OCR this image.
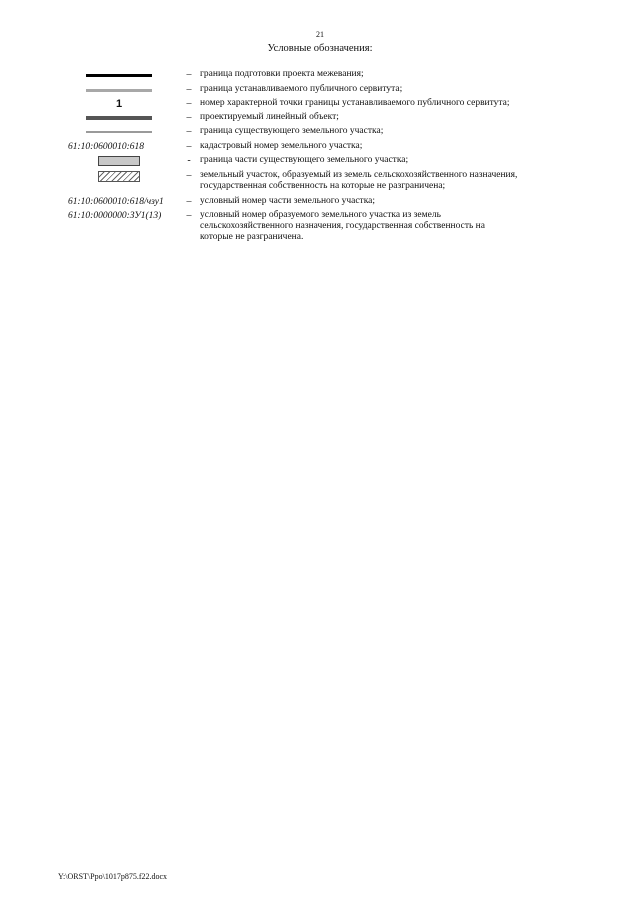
21
Условные обозначения:
– граница подготовки проекта межевания;
– граница устанавливаемого публичного сервитута;
1	– номер характерной точки границы устанавливаемого публичного сервитута;
– проектируемый линейный объект;
– граница существующего земельного участка;
61:10:0600010:618	– кадастровый номер земельного участка;
- граница части существующего земельного участка;
– земельный участок, образуемый из земель сельскохозяйственного назначения, государственная собственность на которые не разграничена;
61:10:0600010:618/чзу1	– условный номер части земельного участка;
61:10:0000000:ЗУ1(13)	– условный номер образуемого земельного участка из земель сельскохозяйственного назначения, государственная собственность на которые не разграничена.
Y:\ORST\Ppo\1017p875.f22.docx
